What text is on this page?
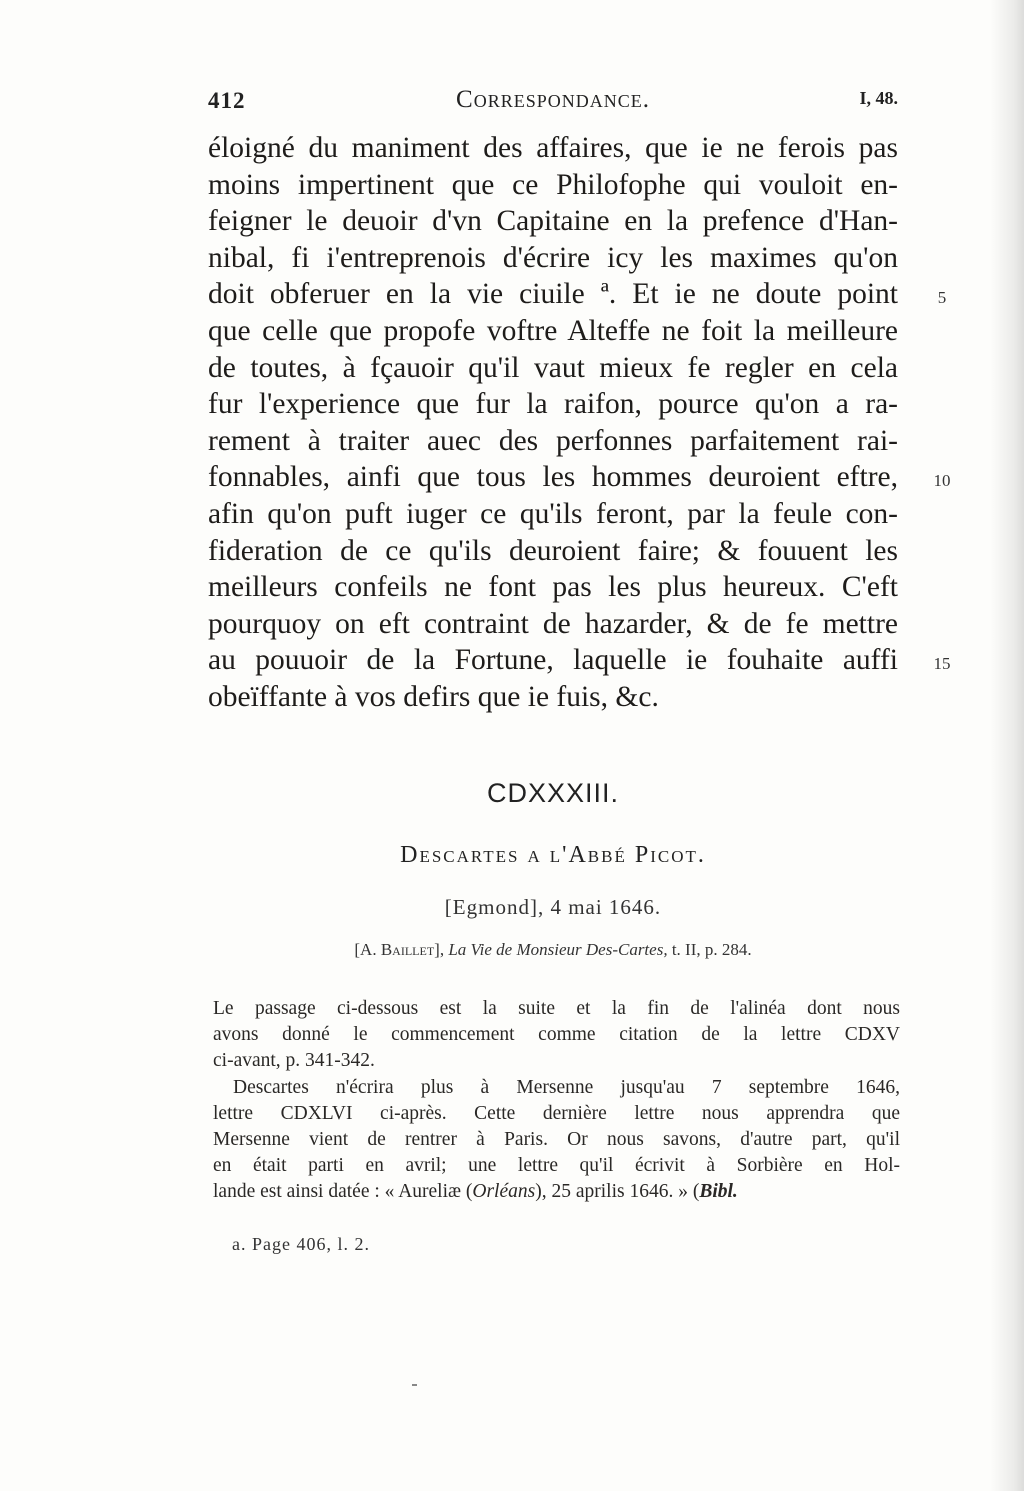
412	Correspondance.	I, 48.
éloigné du maniment des affaires, que ie ne ferois pas
moins impertinent que ce Philofophe qui vouloit en-
feigner le deuoir d'vn Capitaine en la prefence d'Han-
nibal, fi i'entreprenois d'écrire icy les maximes qu'on
doit obferuer en la vie ciuile ª. Et ie ne doute point
que celle que propofe voftre Alteffe ne foit la meilleure
de toutes, à fçauoir qu'il vaut mieux fe regler en cela
fur l'experience que fur la raifon, pource qu'on a ra-
rement à traiter auec des perfonnes parfaitement rai-
fonnables, ainfi que tous les hommes deuroient eftre,
afin qu'on puft iuger ce qu'ils feront, par la feule con-
fideration de ce qu'ils deuroient faire; & fouuent les
meilleurs confeils ne font pas les plus heureux. C'eft
pourquoy on eft contraint de hazarder, & de fe mettre
au pouuoir de la Fortune, laquelle ie fouhaite auffi
obeïffante à vos defirs que ie fuis, &c.
5
10
15
CDXXXIII.
Descartes a l'Abbé Picot.
[Egmond], 4 mai 1646.
[A. Baillet], La Vie de Monsieur Des-Cartes, t. II, p. 284.
Le passage ci-dessous est la suite et la fin de l'alinéa dont nous
avons donné le commencement comme citation de la lettre CDXV
ci-avant, p. 341-342.
Descartes n'écrira plus à Mersenne jusqu'au 7 septembre 1646,
lettre CDXLVI ci-après. Cette dernière lettre nous apprendra que
Mersenne vient de rentrer à Paris. Or nous savons, d'autre part, qu'il
en était parti en avril; une lettre qu'il écrivit à Sorbière en Hol-
lande est ainsi datée : « Aureliæ (Orléans), 25 aprilis 1646. » (Bibl.
a. Page 406, l. 2.
